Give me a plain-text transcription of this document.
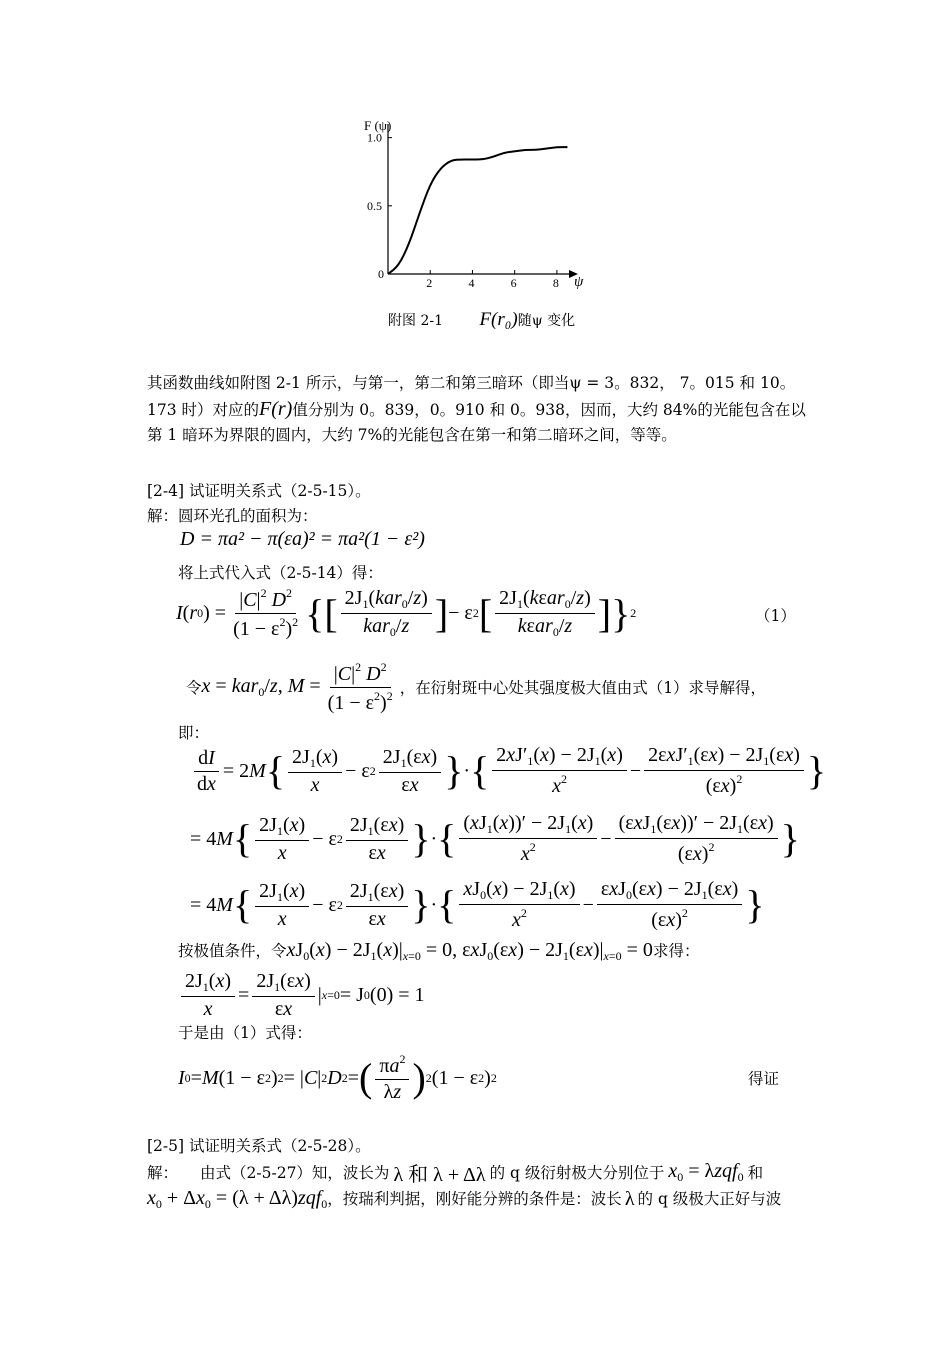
2	4	6	8
0
0.5
1.0
F (ψ)
ψ
附图 2-1 F(r₀)随ψ 变化
其函数曲线如附图 2-1 所示，与第一，第二和第三暗环（即当ψ = 3。832， 7。015 和 10。
173 时）对应的F(r)值分别为 0。839，0。910 和 0。938，因而，大约 84%的光能包含在以
第 1 暗环为界限的圆内，大约 7%的光能包含在第一和第二暗环之间，等等。
[2-4] 试证明关系式（2-5-15）。
解：圆环光孔的面积为：
D = πa² − π(εa)² = πa²(1 − ε²)
将上式代入式（2-5-14）得：
I ( r 0 ) = $\frac{|C|^2 D^2}{(1 - \varepsilon^2)^2}$ { [ $\frac{2J_1(kar_0/z)}{kar_0/z}$ ] − ε 2 [ $\frac{2J_1(k\varepsilon ar_0/z)}{k\varepsilon ar_0/z}$ ] } 2	（1）
令 x = kar$_0$/z, $M = \frac{|C|^2 D^2}{(1 - \varepsilon^2)^2}$ ，在衍射斑中心处其强度极大值由式（1）求导解得，
即：
$\frac{dI}{dx} = 2$ M { $\frac{2J_1(x)}{x} - \varepsilon$ $2 \frac{2J_1(\varepsilon x)}{\varepsilon x}$ } · { $\frac{2xJ'_1(x) - 2J_1(x)}{x^2} - \frac{2\varepsilon xJ'_1(\varepsilon x) - 2J_1(\varepsilon x)}{(\varepsilon x)^2}$ }
= 4 M { $\frac{2J_1(x)}{x} - \varepsilon$ $2 \frac{2J_1(\varepsilon x)}{\varepsilon x}$ } · { $\frac{(xJ_1(x))' - 2J_1(x)}{x^2} - \frac{(\varepsilon xJ_1(\varepsilon x))' - 2J_1(\varepsilon x)}{(\varepsilon x)^2}$ }
= 4 M { $\frac{2J_1(x)}{x} - \varepsilon$ $2 \frac{2J_1(\varepsilon x)}{\varepsilon x}$ } · { $\frac{xJ_0(x) - 2J_1(x)}{x^2} - \frac{\varepsilon xJ_0(\varepsilon x) - 2J_1(\varepsilon x)}{(\varepsilon x)^2}$ }
按极值条件， 令 $xJ_0(x) - 2J_1(x)|_{x=0} = 0$, $\varepsilon xJ_0(\varepsilon x) - 2J_1(\varepsilon x)|_{x=0} = 0$ 求得：
$\frac{2J_1(x)}{x} = \frac{2J_1(\varepsilon x)}{\varepsilon x}$ | x=0 = J 0 (0) = 1
于是由（1）式得：
I 0 = M (1 − ε 2 ) 2 = | C | 2 D 2 = ( $\frac{\pi a^2}{\lambda z}$ ) 2 (1 − ε 2 ) 2	得证
[2-5] 试证明关系式（2-5-28）。
解： 由式（2-5-27）知，波长为 λ 和 λ + Δλ 的 q 级衍射极大分别位于 $x_0 = \lambda zqf_0$ 和
$x_0 + \Delta x_0 = (\lambda + \Delta\lambda)zqf_0$ ，按瑞利判据，刚好能分辨的条件是：波长 λ 的 q 级极大正好与波
